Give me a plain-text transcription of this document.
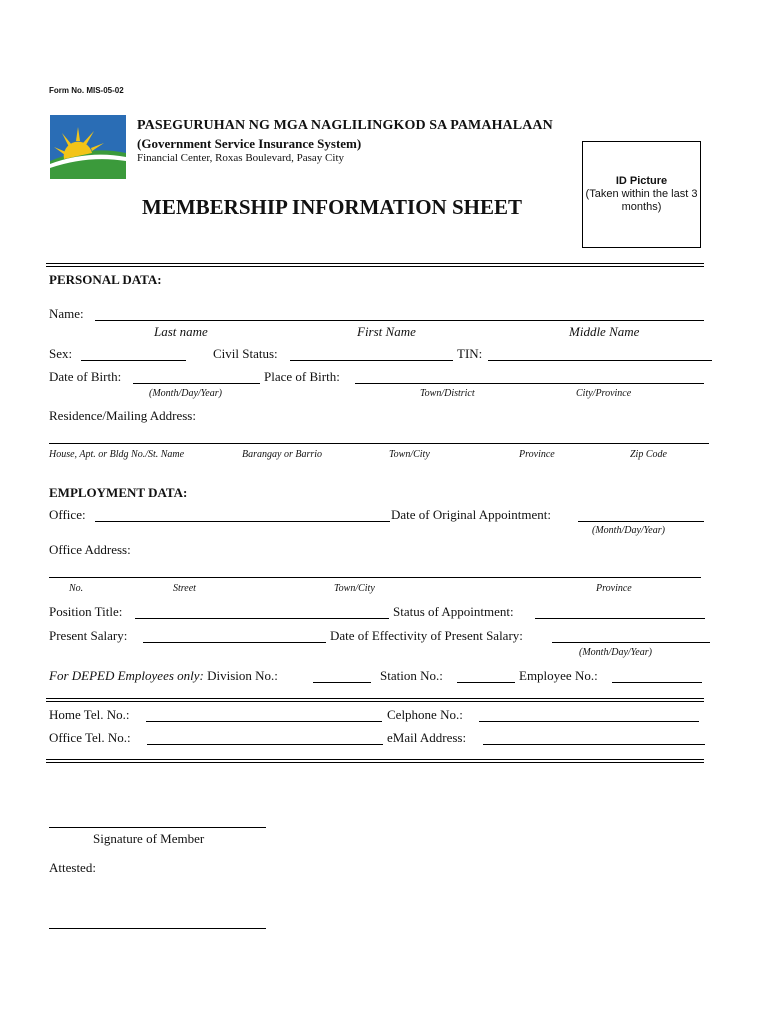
Form No. MIS-05-02
PASEGURUHAN NG MGA NAGLILINGKOD SA PAMAHALAAN
(Government Service Insurance System)
Financial Center, Roxas Boulevard, Pasay City
MEMBERSHIP INFORMATION SHEET
ID Picture
(Taken within the last 3 months)
PERSONAL DATA:
Name:
Last name	First Name	Middle Name
Sex:	Civil Status:	TIN:
Date of Birth:	Place of Birth:
(Month/Day/Year)	Town/District	City/Province
Residence/Mailing Address:
House, Apt. or Bldg No./St. Name	Barangay or Barrio	Town/City	Province	Zip Code
EMPLOYMENT DATA:
Office:	Date of Original Appointment:
(Month/Day/Year)
Office Address:
No.	Street	Town/City	Province
Position Title:	Status of Appointment:
Present Salary:	Date of Effectivity of Present Salary:
(Month/Day/Year)
For DEPED Employees only: Division No.:	Station No.:	Employee No.:
Home Tel. No.:	Celphone No.:
Office Tel. No.:	eMail Address:
Signature of Member
Attested:
